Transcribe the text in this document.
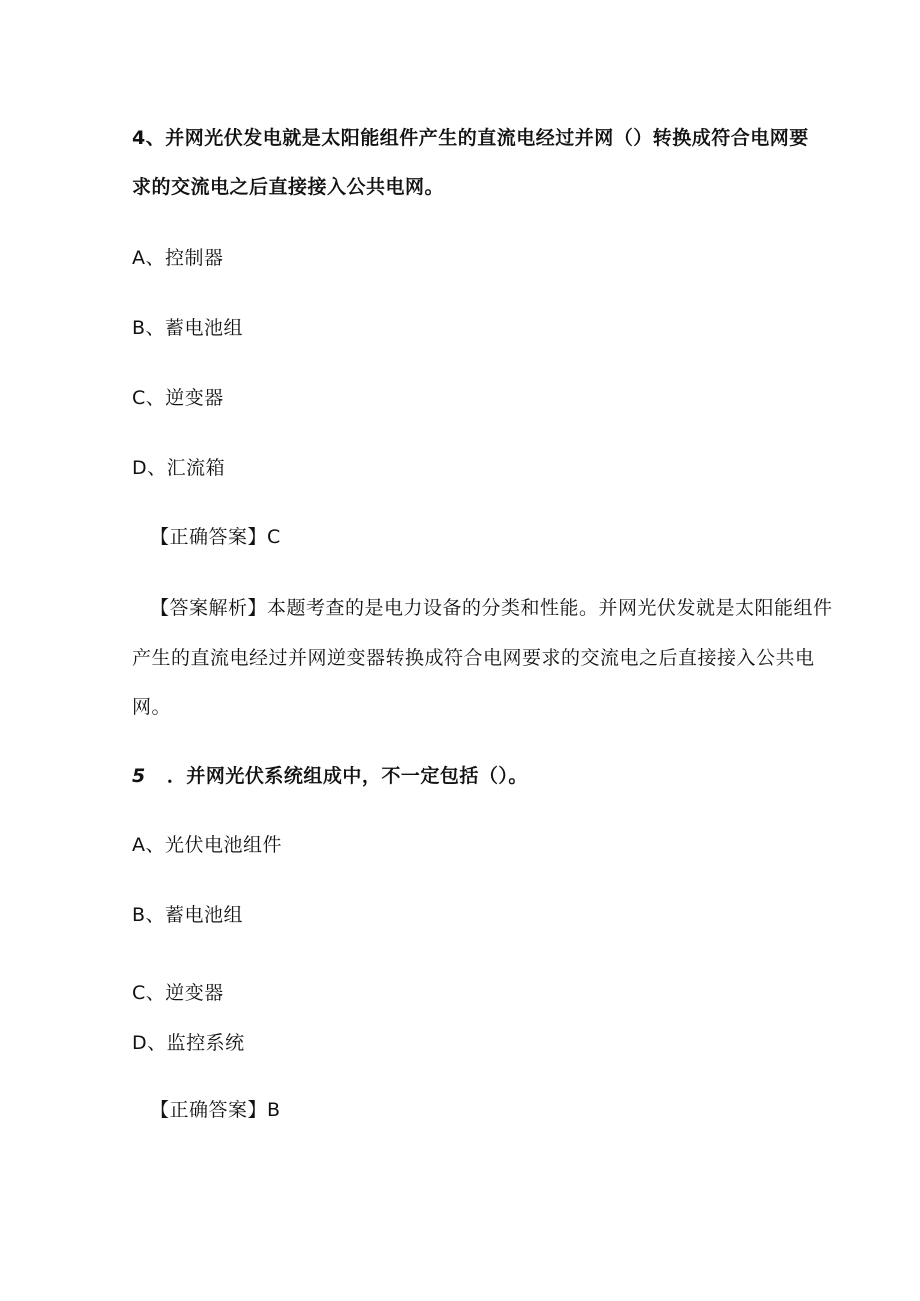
4、并网光伏发电就是太阳能组件产生的直流电经过并网（）转换成符合电网要
求的交流电之后直接接入公共电网。
A、控制器
B、蓄电池组
C、逆变器
D、汇流箱
【正确答案】C
【答案解析】本题考查的是电力设备的分类和性能。并网光伏发就是太阳能组件
产生的直流电经过并网逆变器转换成符合电网要求的交流电之后直接接入公共电
网。
5 ．并网光伏系统组成中，不一定包括（）。
A、光伏电池组件
B、蓄电池组
C、逆变器
D、监控系统
【正确答案】B
